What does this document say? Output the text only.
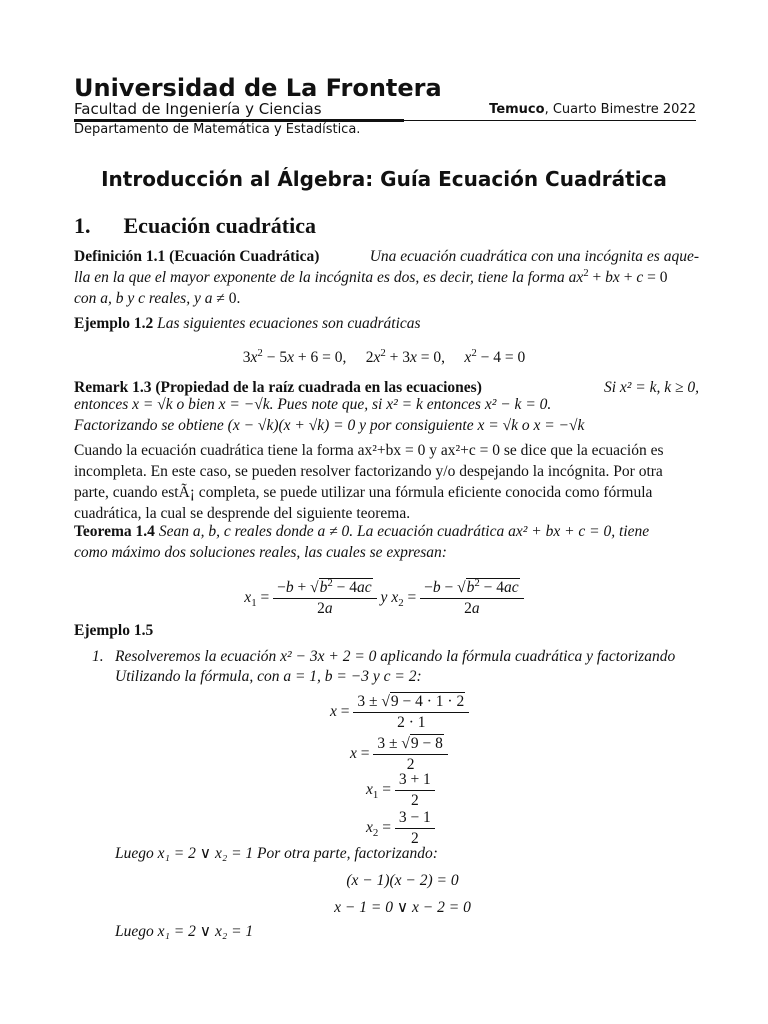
Universidad de La Frontera
Facultad de Ingeniería y Ciencias	Temuco, Cuarto Bimestre 2022
Departamento de Matemática y Estadística.
Introducción al Álgebra: Guía Ecuación Cuadrática
1. Ecuación cuadrática
Definición 1.1 (Ecuación Cuadrática)	Una ecuación cuadrática con una incógnita es aque-
lla en la que el mayor exponente de la incógnita es dos, es decir, tiene la forma $ax^2$ + bx + c = 0
con a, b y c reales, y a ≠ 0.
Ejemplo 1.2 Las siguientes ecuaciones son cuadráticas
$3x^2 - 5x + 6 = 0$, $2x^2 + 3x = 0$,     $x^2 - 4 = 0$
Remark 1.3 (Propiedad de la raíz cuadrada en las ecuaciones)	Si x² = k, k ≥ 0,
entonces x = √k o bien x = −√k. Pues note que, si x² = k entonces x² − k = 0.
Factorizando se obtiene (x − √k)(x + √k) = 0 y por consiguiente x = √k o x = −√k
Cuando la ecuación cuadrática tiene la forma ax²+bx = 0 y ax²+c = 0 se dice que la ecuación es
incompleta. En este caso, se pueden resolver factorizando y/o despejando la incógnita. Por otra
parte, cuando estÃ¡ completa, se puede utilizar una fórmula eficiente conocida como fórmula
cuadrática, la cual se desprende del siguiente teorema.
Teorema 1.4 Sean a, b, c reales donde a ≠ 0. La ecuación cuadrática ax² + bx + c = 0, tiene
como máximo dos soluciones reales, las cuales se expresan:
$x_1 = \frac{-b + √b^2 - 4ac}{2a}$ y $x_2 = \frac{-b - √b^2 - 4ac}{2a}$
Ejemplo 1.5
1. Resolveremos la ecuación x² − 3x + 2 = 0 aplicando la fórmula cuadrática y factorizando
Utilizando la fórmula, con a = 1, b = −3 y c = 2:
$x = \frac{3 \pm √9 - 4 \cdot 1 \cdot 2}{2 \cdot 1}$
$x = \frac{3 \pm √9 - 8}{2}$
$x_1 = \frac{3 + 1}{2}$
$x_2 = \frac{3 - 1}{2}$
Luego x₁ = 2 ∨ x₂ = 1 Por otra parte, factorizando:
(x − 1)(x − 2) = 0
x − 1 = 0 ∨ x − 2 = 0
Luego x₁ = 2 ∨ x₂ = 1
